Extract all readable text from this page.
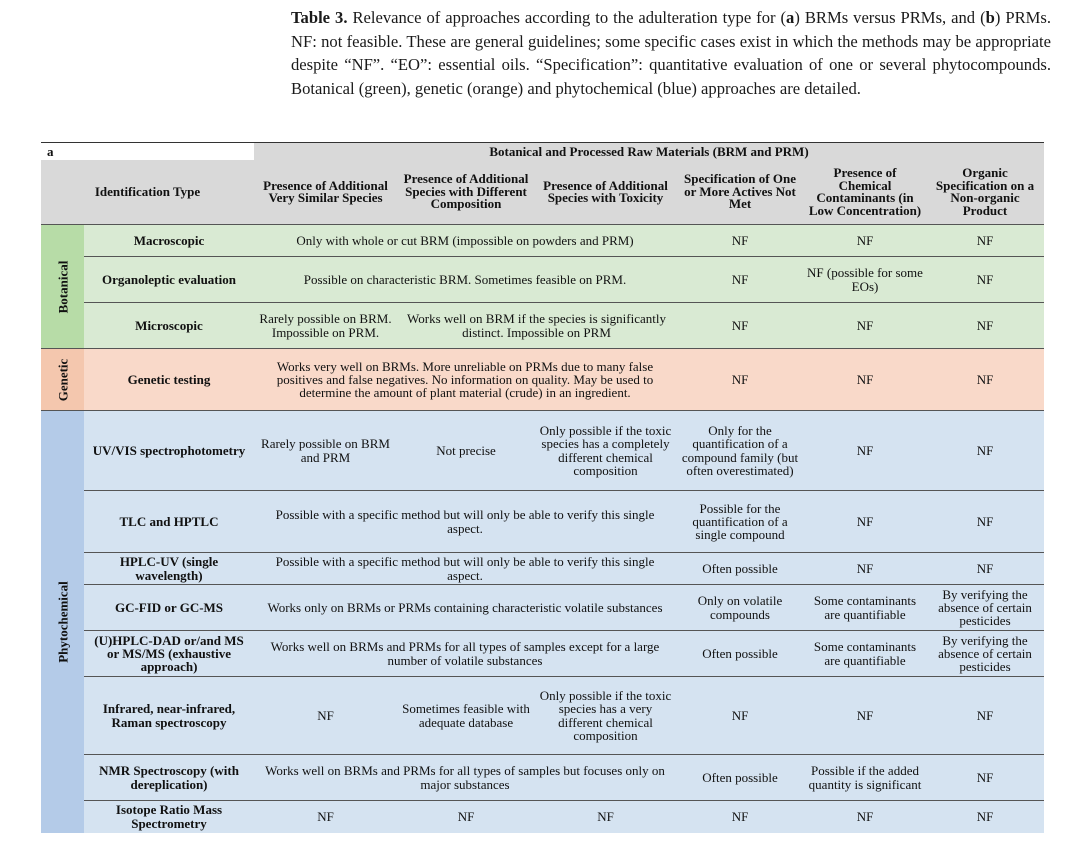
Table 3. Relevance of approaches according to the adulteration type for (a) BRMs versus PRMs, and (b) PRMs. NF: not feasible. These are general guidelines; some specific cases exist in which the methods may be appropriate despite “NF”. “EO”: essential oils. “Specification”: quantitative evaluation of one or several phytocompounds. Botanical (green), genetic (orange) and phytochemical (blue) approaches are detailed.
a		Botanical and Processed Raw Materials (BRM and PRM)					
Identification Type		Presence of Additional Very Similar Species	Presence of Additional Species with Different Composition	Presence of Additional Species with Toxicity	Specification of One or More Actives Not Met	Presence of Chemical Contaminants (in Low Concentration)	Organic Specification on a Non-organic Product

Botanical	Macroscopic	Only with whole or cut BRM (impossible on powders and PRM)			NF	NF	NF
	Organoleptic evaluation	Possible on characteristic BRM. Sometimes feasible on PRM.			NF	NF (possible for some EOs)	NF
	Microscopic	Rarely possible on BRM. Impossible on PRM.	Works well on BRM if the species is significantly distinct. Impossible on PRM		NF	NF	NF

Genetic	Genetic testing	Works very well on BRMs. More unreliable on PRMs due to many false positives and false negatives. No information on quality. May be used to determine the amount of plant material (crude) in an ingredient.			NF	NF	NF

Phytochemical	UV/VIS spectrophotometry	Rarely possible on BRM and PRM	Not precise	Only possible if the toxic species has a completely different chemical composition	Only for the quantification of a compound family (but often overestimated)	NF	NF
	TLC and HPTLC	Possible with a specific method but will only be able to verify this single aspect.			Possible for the quantification of a single compound	NF	NF
	HPLC-UV (single wavelength)	Possible with a specific method but will only be able to verify this single aspect.			Often possible	NF	NF
	GC-FID or GC-MS	Works only on BRMs or PRMs containing characteristic volatile substances			Only on volatile compounds	Some contaminants are quantifiable	By verifying the absence of certain pesticides
	(U)HPLC-DAD or/and MS or MS/MS (exhaustive approach)	Works well on BRMs and PRMs for all types of samples except for a large number of volatile substances			Often possible	Some contaminants are quantifiable	By verifying the absence of certain pesticides
	Infrared, near-infrared, Raman spectroscopy	NF	Sometimes feasible with adequate database	Only possible if the toxic species has a very different chemical composition	NF	NF	NF
	NMR Spectroscopy (with dereplication)	Works well on BRMs and PRMs for all types of samples but focuses only on major substances			Often possible	Possible if the added quantity is significant	NF
	Isotope Ratio Mass Spectrometry	NF	NF	NF	NF	NF	NF
